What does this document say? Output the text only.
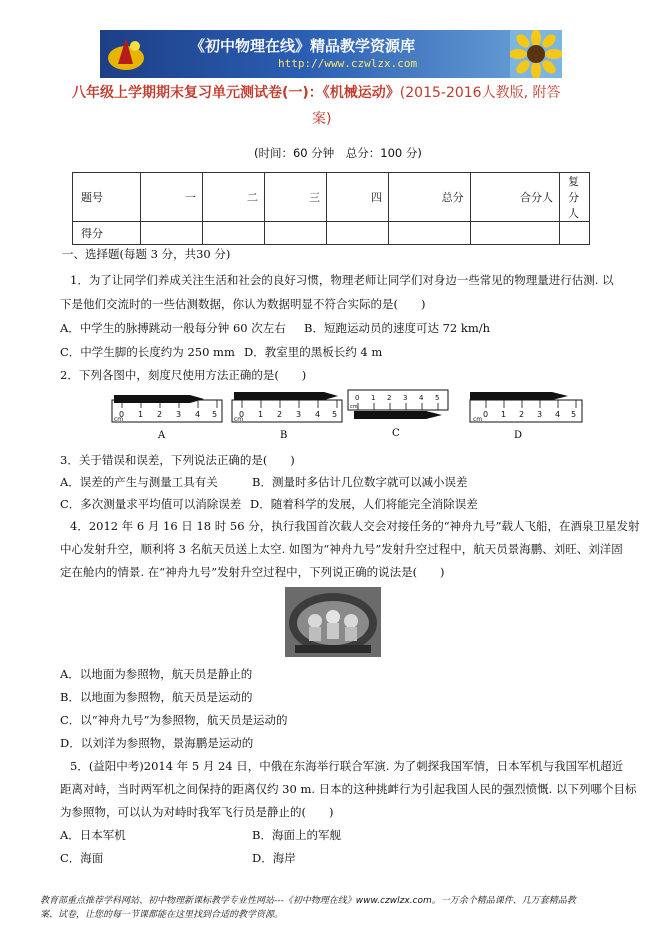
《初中物理在线》精品教学资源库
http://www.czwlzx.com
八年级上学期期末复习单元测试卷(一)：《机械运动》(2015-2016人教版, 附答
案)
(时间：60 分钟　总分：100 分)
题号	一	二	三	四	总分	合分人	复分人
得分							
一、选择题(每题 3 分，共30 分)
1．为了让同学们养成关注生活和社会的良好习惯，物理老师让同学们对身边一些常见的物理量进行估测. 以
下是他们交流时的一些估测数据，你认为数据明显不符合实际的是(　　)
A．中学生的脉搏跳动一般每分钟 60 次左右 B．短跑运动员的速度可达 72 km/h
C．中学生脚的长度约为 250 mm D．教室里的黑板长约 4 m
2．下列各图中，刻度尺使用方法正确的是(　　)
0 1 2 3 4 5
cm
A
0 1 2 3 4 5
cm
B
0 1 2 3 4 5
cm
C
0 1 2 3 4 5
cm
D
3．关于错误和误差，下列说法正确的是(　　)
A．误差的产生与测量工具有关	B．测量时多估计几位数字就可以减小误差
C．多次测量求平均值可以消除误差 D．随着科学的发展，人们将能完全消除误差
4．2012 年 6 月 16 日 18 时 56 分，执行我国首次载人交会对接任务的“神舟九号”载人飞船，在酒泉卫星发射
中心发射升空，顺利将 3 名航天员送上太空. 如图为“神舟九号”发射升空过程中，航天员景海鹏、刘旺、刘洋固
定在舱内的情景. 在“神舟九号”发射升空过程中，下列说正确的说法是(　　)
A．以地面为参照物，航天员是静止的
B．以地面为参照物，航天员是运动的
C．以“神舟九号”为参照物，航天员是运动的
D．以刘洋为参照物，景海鹏是运动的
5．(益阳中考)2014 年 5 月 24 日，中俄在东海举行联合军演. 为了刺探我国军情，日本军机与我国军机超近
距离对峙，当时两军机之间保持的距离仅约 30 m. 日本的这种挑衅行为引起我国人民的强烈愤慨. 以下列哪个目标
为参照物，可以认为对峙时我军飞行员是静止的(　　)
A．日本军机	B．海面上的军舰
C．海面	D．海岸
教育部重点推荐学科网站、初中物理新课标教学专业性网站---《初中物理在线》www.czwlzx.com。一万余个精品课件、几万套精品教
案、试卷，让您的每一节课都能在这里找到合适的教学资源。
